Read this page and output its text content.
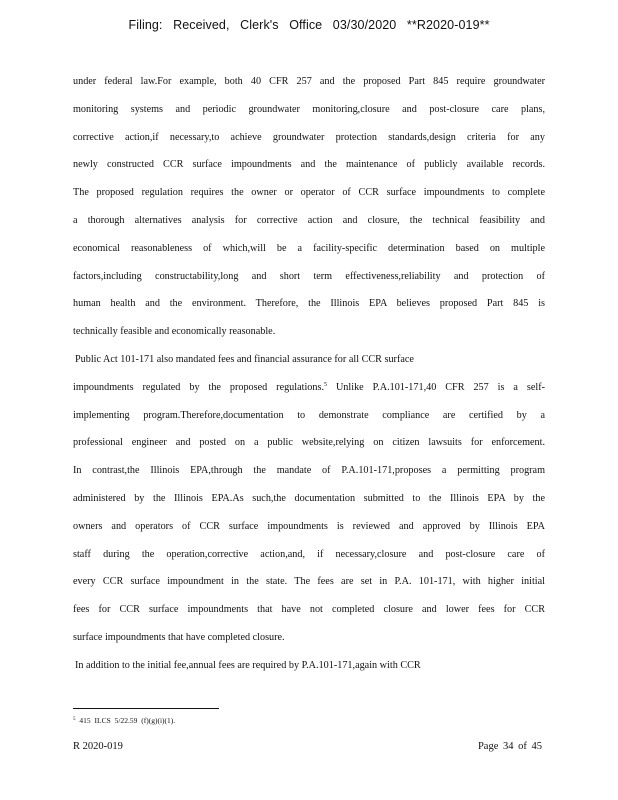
Filing: Received, Clerk's Office 03/30/2020 **R2020-019**
under federal law.For example, both 40 CFR 257 and the proposed Part 845 require groundwater
monitoring systems and periodic groundwater monitoring,closure and post-closure care plans,
corrective action,if necessary,to achieve groundwater protection standards,design criteria for any
newly constructed CCR surface impoundments and the maintenance of publicly available records.
The proposed regulation requires the owner or operator of CCR surface impoundments to complete
a thorough alternatives analysis for corrective action and closure, the technical feasibility and
economical reasonableness of which,will be a facility-specific determination based on multiple
factors,including constructability,long and short term effectiveness,reliability and protection of
human health and the environment. Therefore, the Illinois EPA believes proposed Part 845 is
technically feasible and economically reasonable.
Public Act 101-171 also mandated fees and financial assurance for all CCR surface
impoundments regulated by the proposed regulations.$^5$ Unlike P.A.101-171,40 CFR 257 is a self-
implementing program.Therefore,documentation to demonstrate compliance are certified by a
professional engineer and posted on a public website,relying on citizen lawsuits for enforcement.
In contrast,the Illinois EPA,through the mandate of P.A.101-171,proposes a permitting program
administered by the Illinois EPA.As such,the documentation submitted to the Illinois EPA by the
owners and operators of CCR surface impoundments is reviewed and approved by Illinois EPA
staff during the operation,corrective action,and, if necessary,closure and post-closure care of
every CCR surface impoundment in the state. The fees are set in P.A. 101-171, with higher initial
fees for CCR surface impoundments that have not completed closure and lower fees for CCR
surface impoundments that have completed closure.
In addition to the initial fee,annual fees are required by P.A.101-171,again with CCR
$^5$ 415 ILCS 5/22.59 (f)(g)(i)(1).
R 2020-019	Page 34 of 45
